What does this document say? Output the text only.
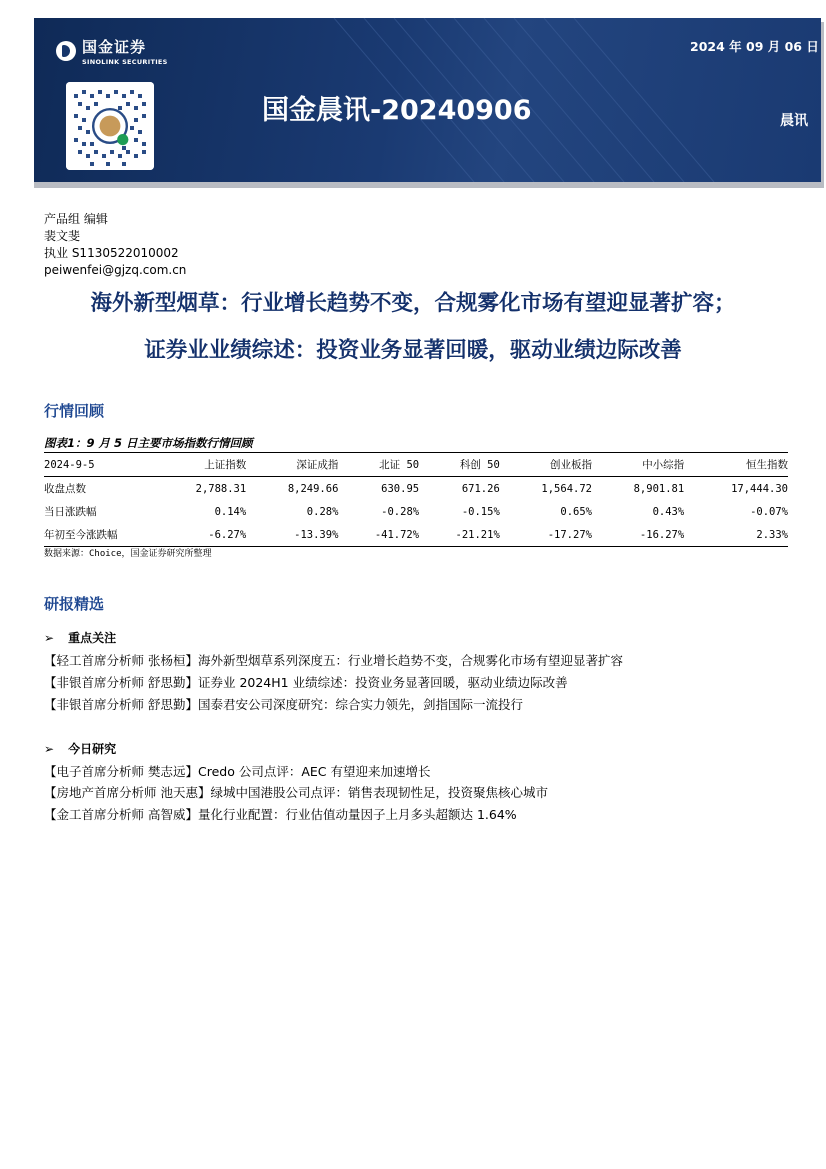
国金证券
SINOLINK SECURITIES
2024 年 09 月 06 日
国金晨讯-20240906	晨讯
产品组 编辑
裴文斐
执业 S1130522010002
peiwenfei@gjzq.com.cn
海外新型烟草：行业增长趋势不变，合规雾化市场有望迎显著扩容；
证券业业绩综述：投资业务显著回暖，驱动业绩边际改善
行情回顾
图表1：9 月 5 日主要市场指数行情回顾
2024-9-5	上证指数	深证成指	北证 50	科创 50	创业板指	中小综指	恒生指数
收盘点数	2,788.31	8,249.66	630.95	671.26	1,564.72	8,901.81	17,444.30
当日涨跌幅	0.14%	0.28%	-0.28%	-0.15%	0.65%	0.43%	-0.07%
年初至今涨跌幅	-6.27%	-13.39%	-41.72%	-21.21%	-17.27%	-16.27%	2.33%
数据来源：Choice，国金证券研究所整理
研报精选
➢ 重点关注
【轻工首席分析师 张杨桓】海外新型烟草系列深度五：行业增长趋势不变，合规雾化市场有望迎显著扩容
【非银首席分析师 舒思勤】证券业 2024H1 业绩综述：投资业务显著回暖，驱动业绩边际改善
【非银首席分析师 舒思勤】国泰君安公司深度研究：综合实力领先，剑指国际一流投行
➢ 今日研究
【电子首席分析师 樊志远】Credo 公司点评：AEC 有望迎来加速增长
【房地产首席分析师 池天惠】绿城中国港股公司点评：销售表现韧性足，投资聚焦核心城市
【金工首席分析师 高智威】量化行业配置：行业估值动量因子上月多头超额达 1.64%
